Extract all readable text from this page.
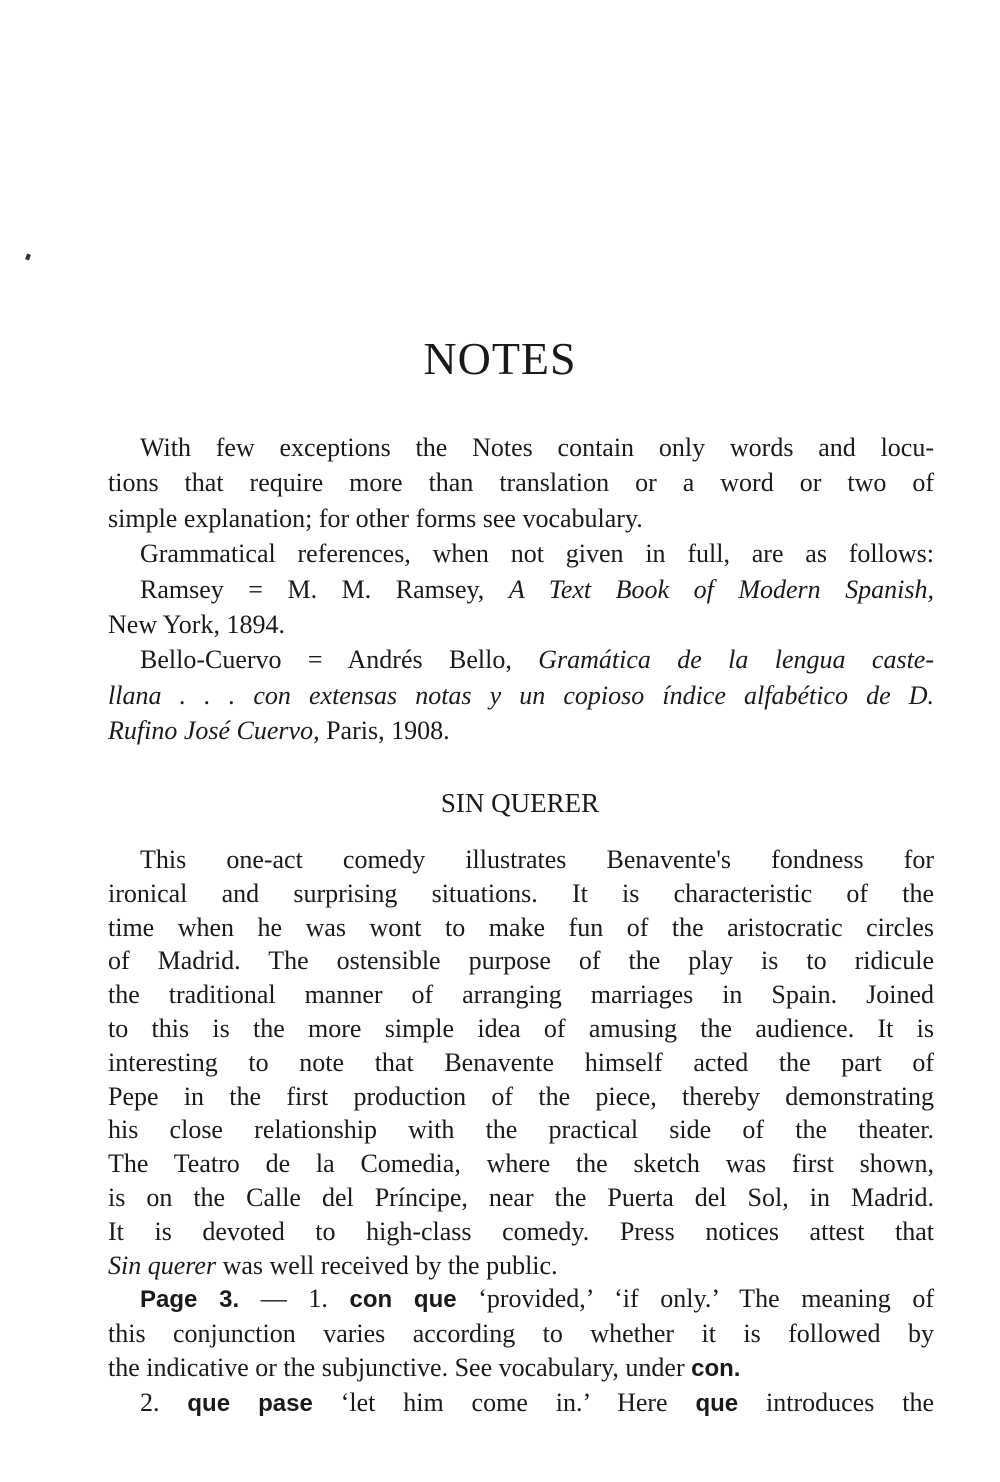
NOTES
With few exceptions the Notes contain only words and locu-
tions that require more than translation or a word or two of
simple explanation; for other forms see vocabulary.
Grammatical references, when not given in full, are as follows:
Ramsey = M. M. Ramsey, A Text Book of Modern Spanish,
New York, 1894.
Bello-Cuervo = Andrés Bello, Gramática de la lengua caste-
llana . . . con extensas notas y un copioso índice alfabético de D.
Rufino José Cuervo, Paris, 1908.
SIN QUERER
This one-act comedy illustrates Benavente's fondness for
ironical and surprising situations. It is characteristic of the
time when he was wont to make fun of the aristocratic circles
of Madrid. The ostensible purpose of the play is to ridicule
the traditional manner of arranging marriages in Spain. Joined
to this is the more simple idea of amusing the audience. It is
interesting to note that Benavente himself acted the part of
Pepe in the first production of the piece, thereby demonstrating
his close relationship with the practical side of the theater.
The Teatro de la Comedia, where the sketch was first shown,
is on the Calle del Príncipe, near the Puerta del Sol, in Madrid.
It is devoted to high-class comedy. Press notices attest that
Sin querer was well received by the public.
Page 3. — 1. con que ‘provided,’ ‘if only.’ The meaning of
this conjunction varies according to whether it is followed by
the indicative or the subjunctive. See vocabulary, under con.
2. que pase ‘let him come in.’ Here que introduces the
